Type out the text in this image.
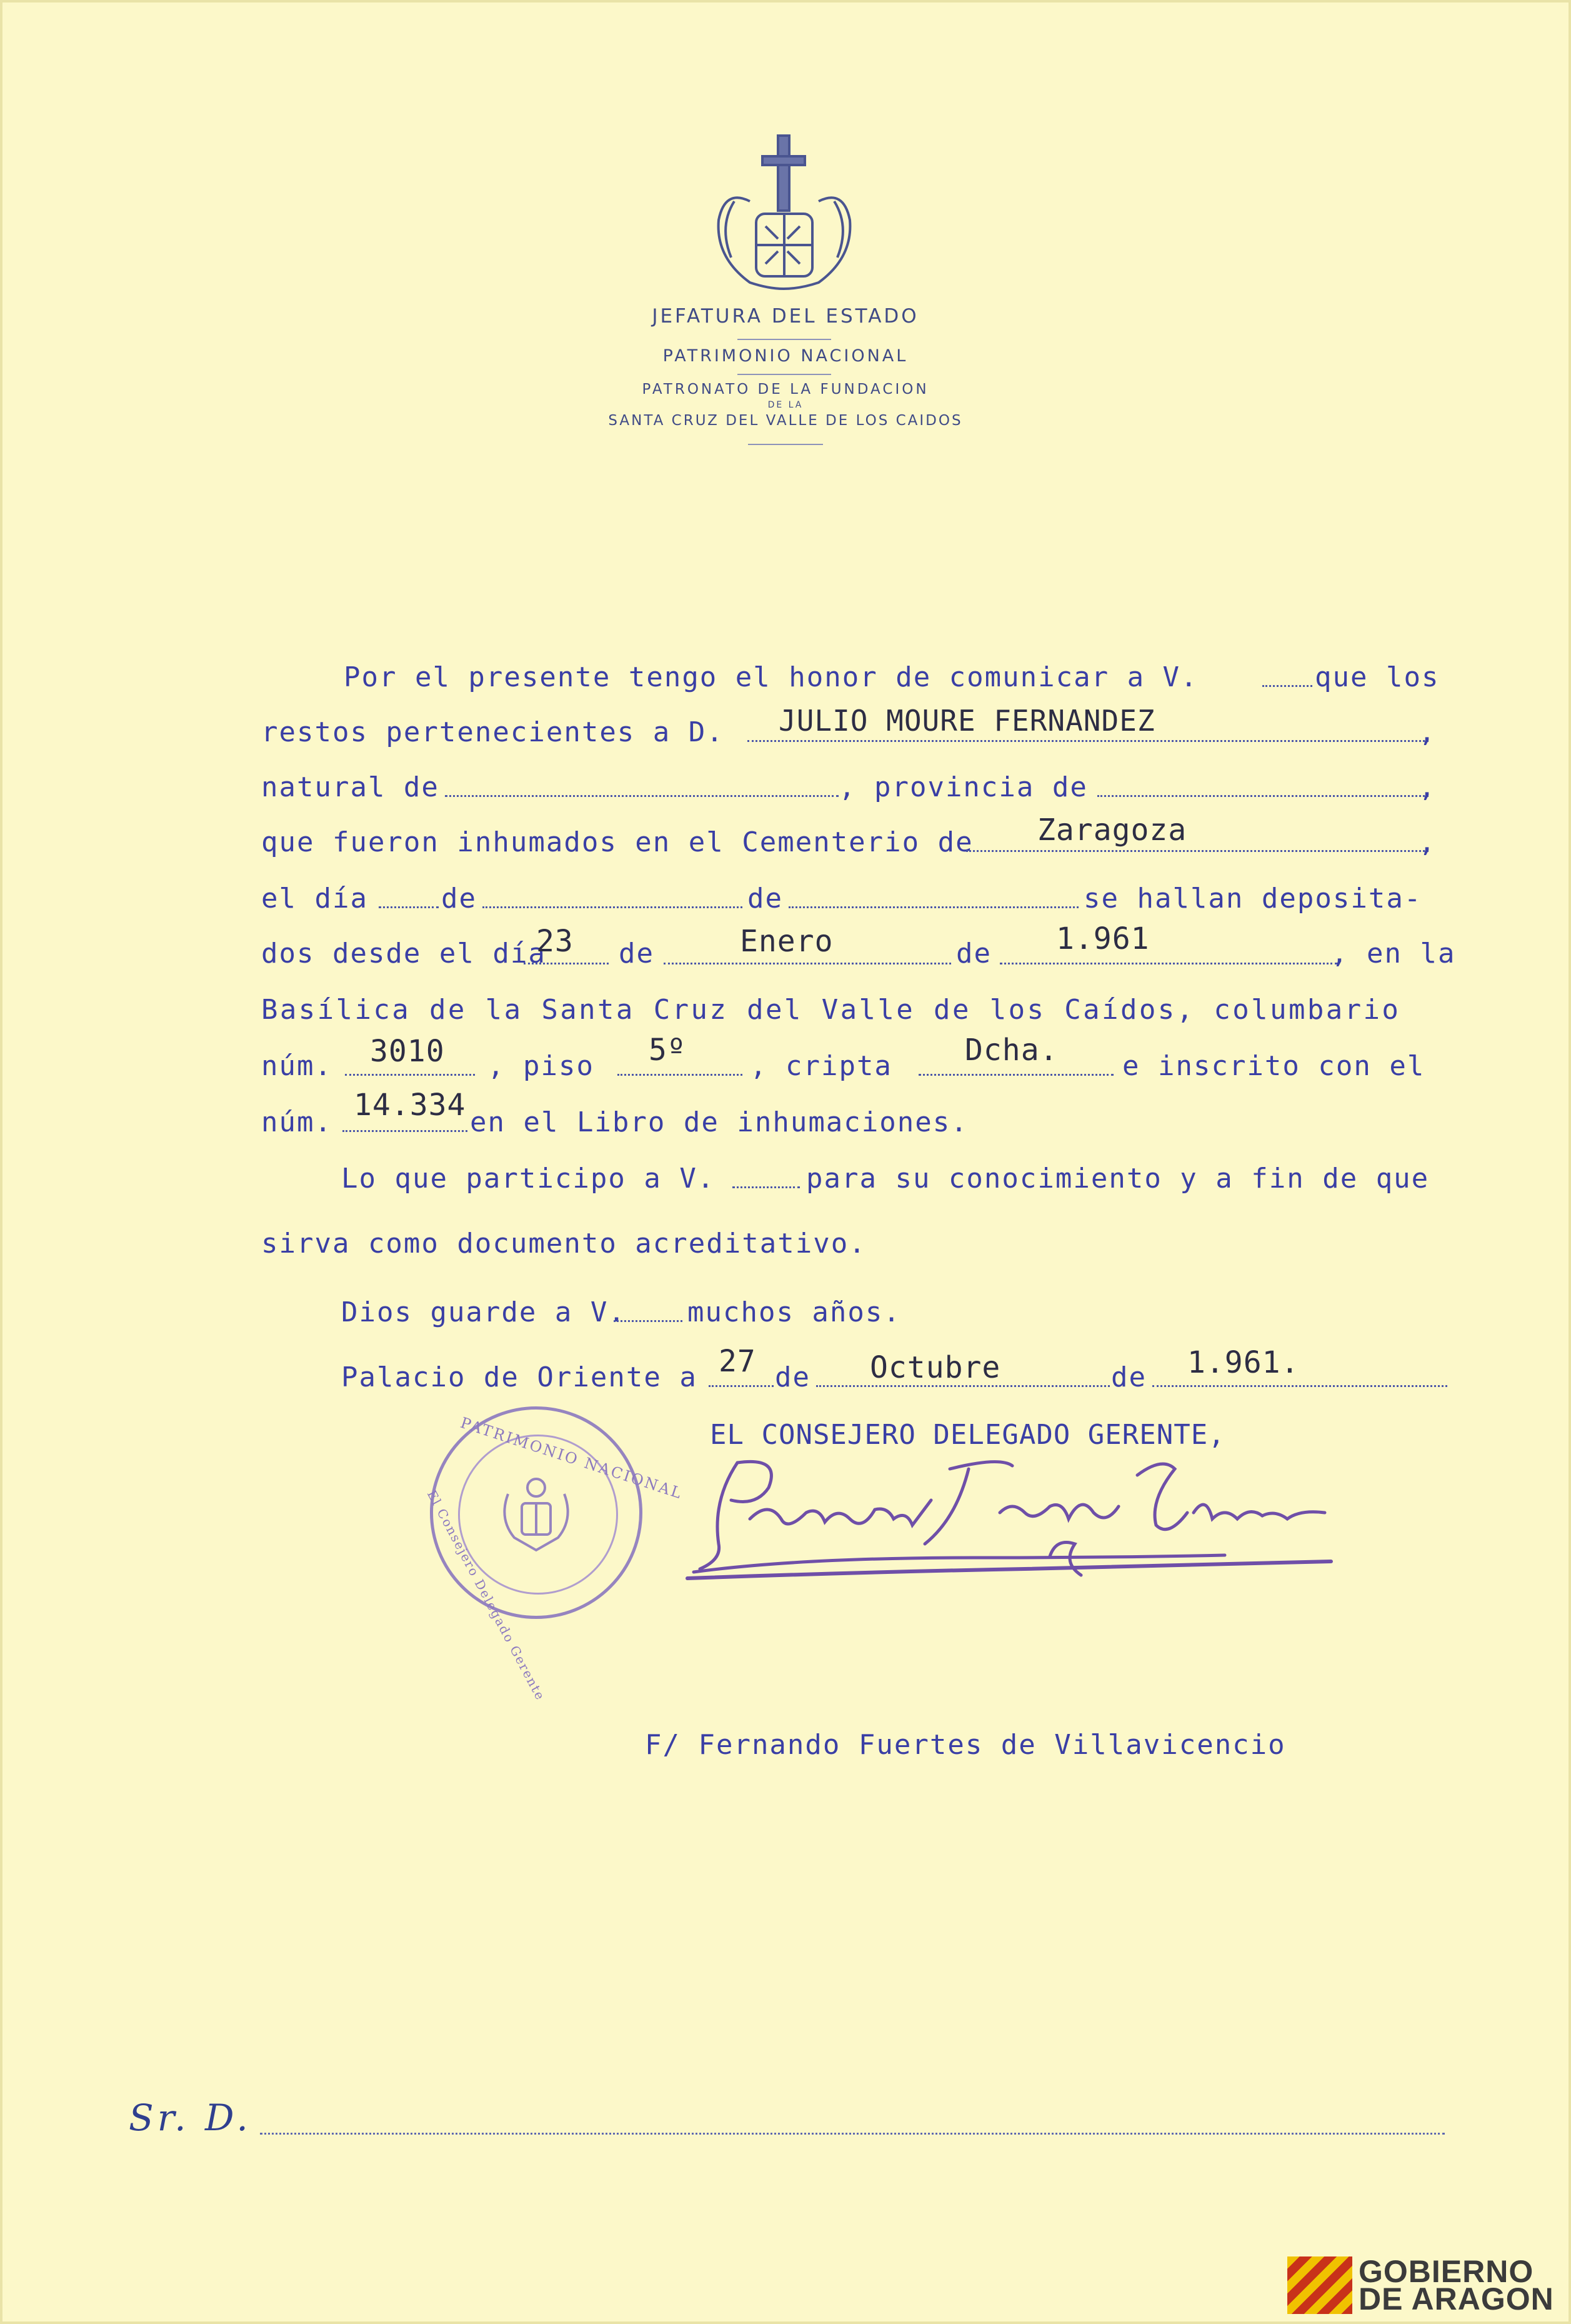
JEFATURA DEL ESTADO
PATRIMONIO NACIONAL
PATRONATO DE LA FUNDACION
DE LA
SANTA CRUZ DEL VALLE DE LOS CAIDOS
Por el presente tengo el honor de comunicar a V.	que los
restos pertenecientes a D. JULIO MOURE FERNANDEZ	,
natural de	, provincia de	,
que fueron inhumados en el Cementerio de Zaragoza	,
el día	de	de	se hallan deposita-
dos desde el día
23 de	Enero	de 1.961	, en la
Basílica de la Santa Cruz del Valle de los Caídos, columbario
núm. 3010 , piso 5º , cripta Dcha. e inscrito con el
núm. 14.334 en el Libro de inhumaciones.
Lo que participo a V.	para su conocimiento y a fin de que
sirva como documento acreditativo.
Dios guarde a V. muchos años.
Palacio de Oriente a 27 de Octubre	de 1.961.
EL CONSEJERO DELEGADO GERENTE,
PATRIMONIO NACIONAL
El Consejero Delegado Gerente
F/ Fernando Fuertes de Villavicencio
Sr. D.
GOBIERNO
DE ARAGON
